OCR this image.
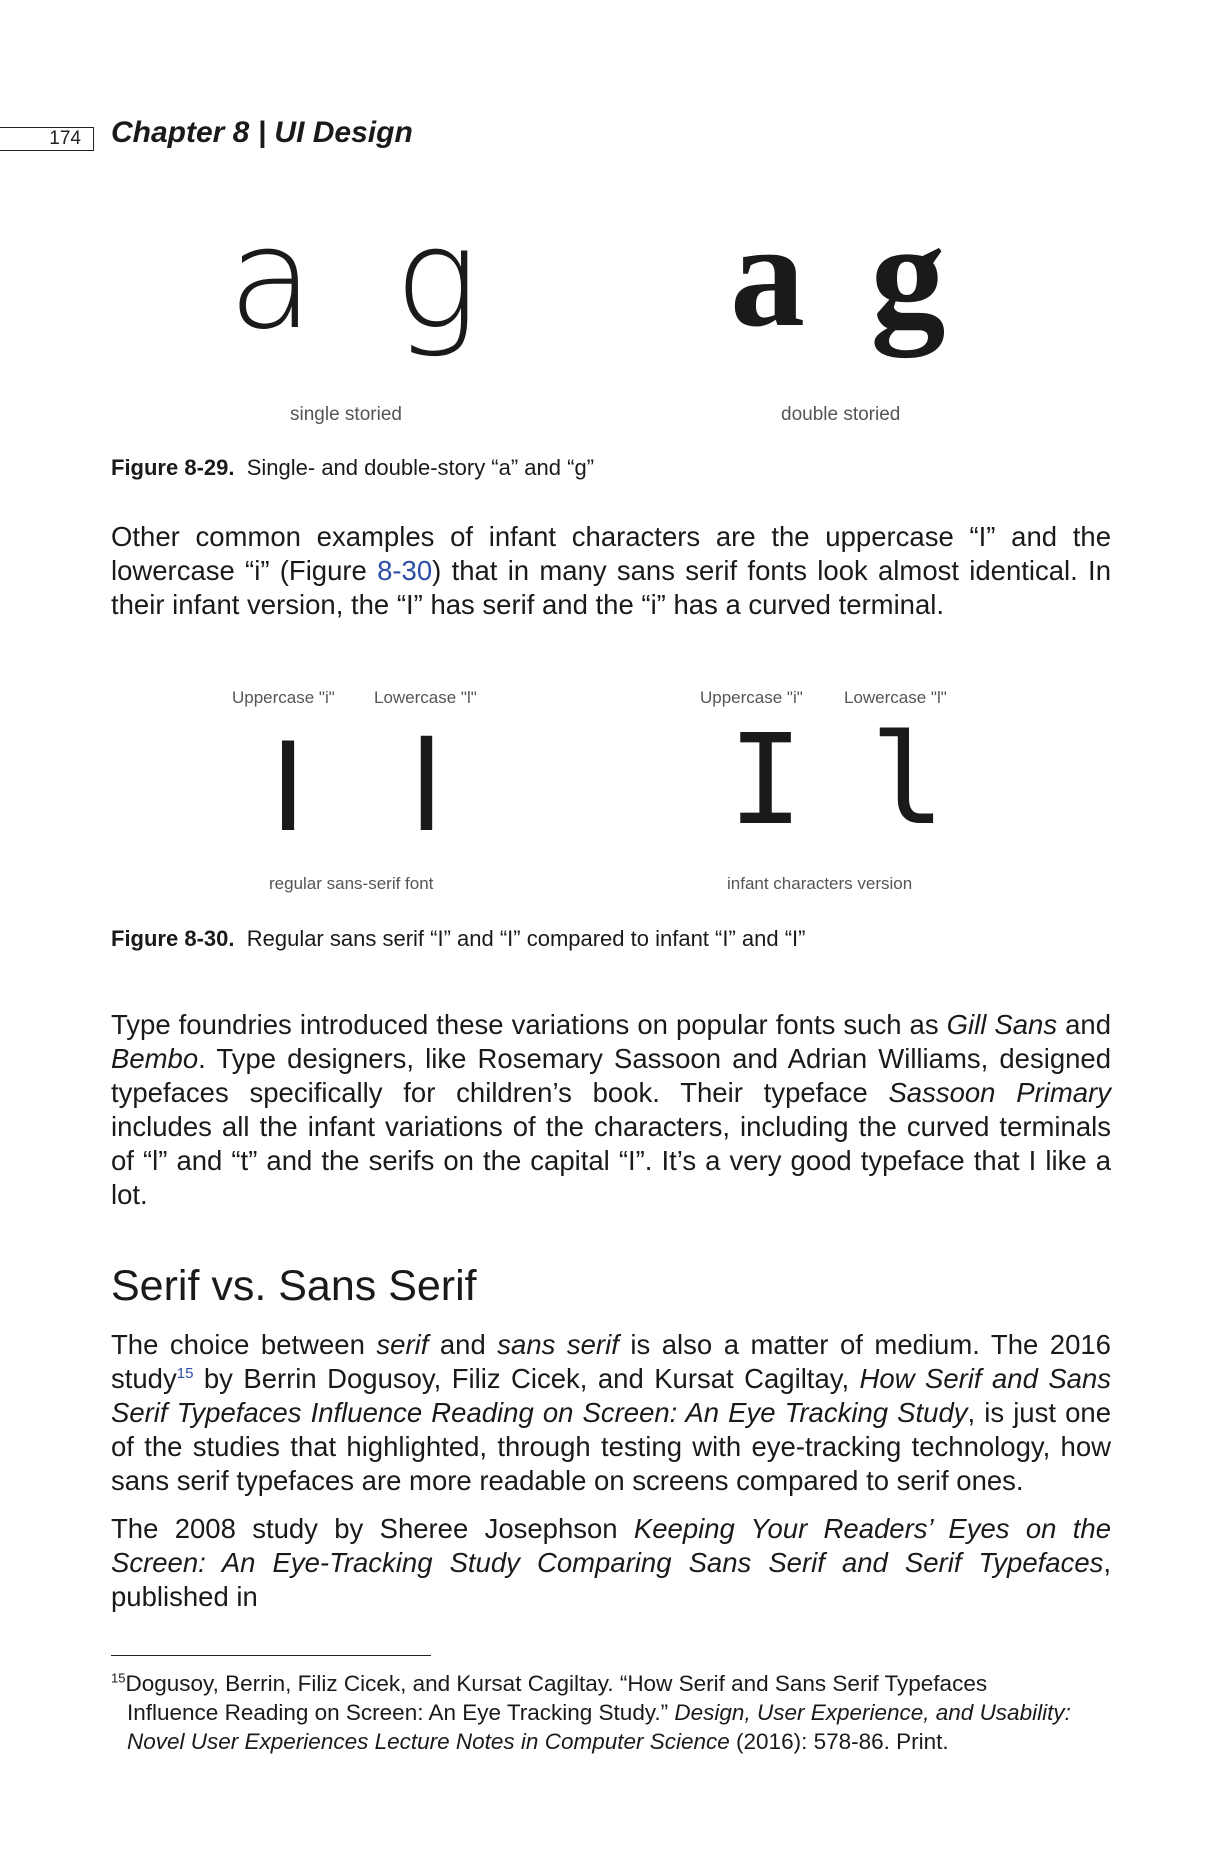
174	Chapter 8 | UI Design
a g
single storied
a g
double storied
Figure 8-29. Single- and double-story “a” and “g”
Other common examples of infant characters are the uppercase “I” and the lowercase “i” (Figure 8-30) that in many sans serif fonts look almost identical. In their infant version, the “I” has serif and the “i” has a curved terminal.
Uppercase "i" Lowercase "l"
I l
regular sans-serif font
Uppercase "i" Lowercase "l"
I l
infant characters version
Figure 8-30. Regular sans serif “I” and “I” compared to infant “I” and “I”
Type foundries introduced these variations on popular fonts such as Gill Sans and Bembo. Type designers, like Rosemary Sassoon and Adrian Williams, designed typefaces specifically for children’s book. Their typeface Sassoon Primary includes all the infant variations of the characters, including the curved terminals of “l” and “t” and the serifs on the capital “I”. It’s a very good typeface that I like a lot.
Serif vs. Sans Serif
The choice between serif and sans serif is also a matter of medium. The 2016 study$^{15}$ by Berrin Dogusoy, Filiz Cicek, and Kursat Cagiltay, How Serif and Sans Serif Typefaces Influence Reading on Screen: An Eye Tracking Study, is just one of the studies that highlighted, through testing with eye-tracking technology, how sans serif typefaces are more readable on screens compared to serif ones.
The 2008 study by Sheree Josephson Keeping Your Readers’ Eyes on the Screen: An Eye-Tracking Study Comparing Sans Serif and Serif Typefaces, published in
$^{15}$Dogusoy, Berrin, Filiz Cicek, and Kursat Cagiltay. “How Serif and Sans Serif Typefaces
Influence Reading on Screen: An Eye Tracking Study.” Design, User Experience, and Usability:
Novel User Experiences Lecture Notes in Computer Science (2016): 578-86. Print.
